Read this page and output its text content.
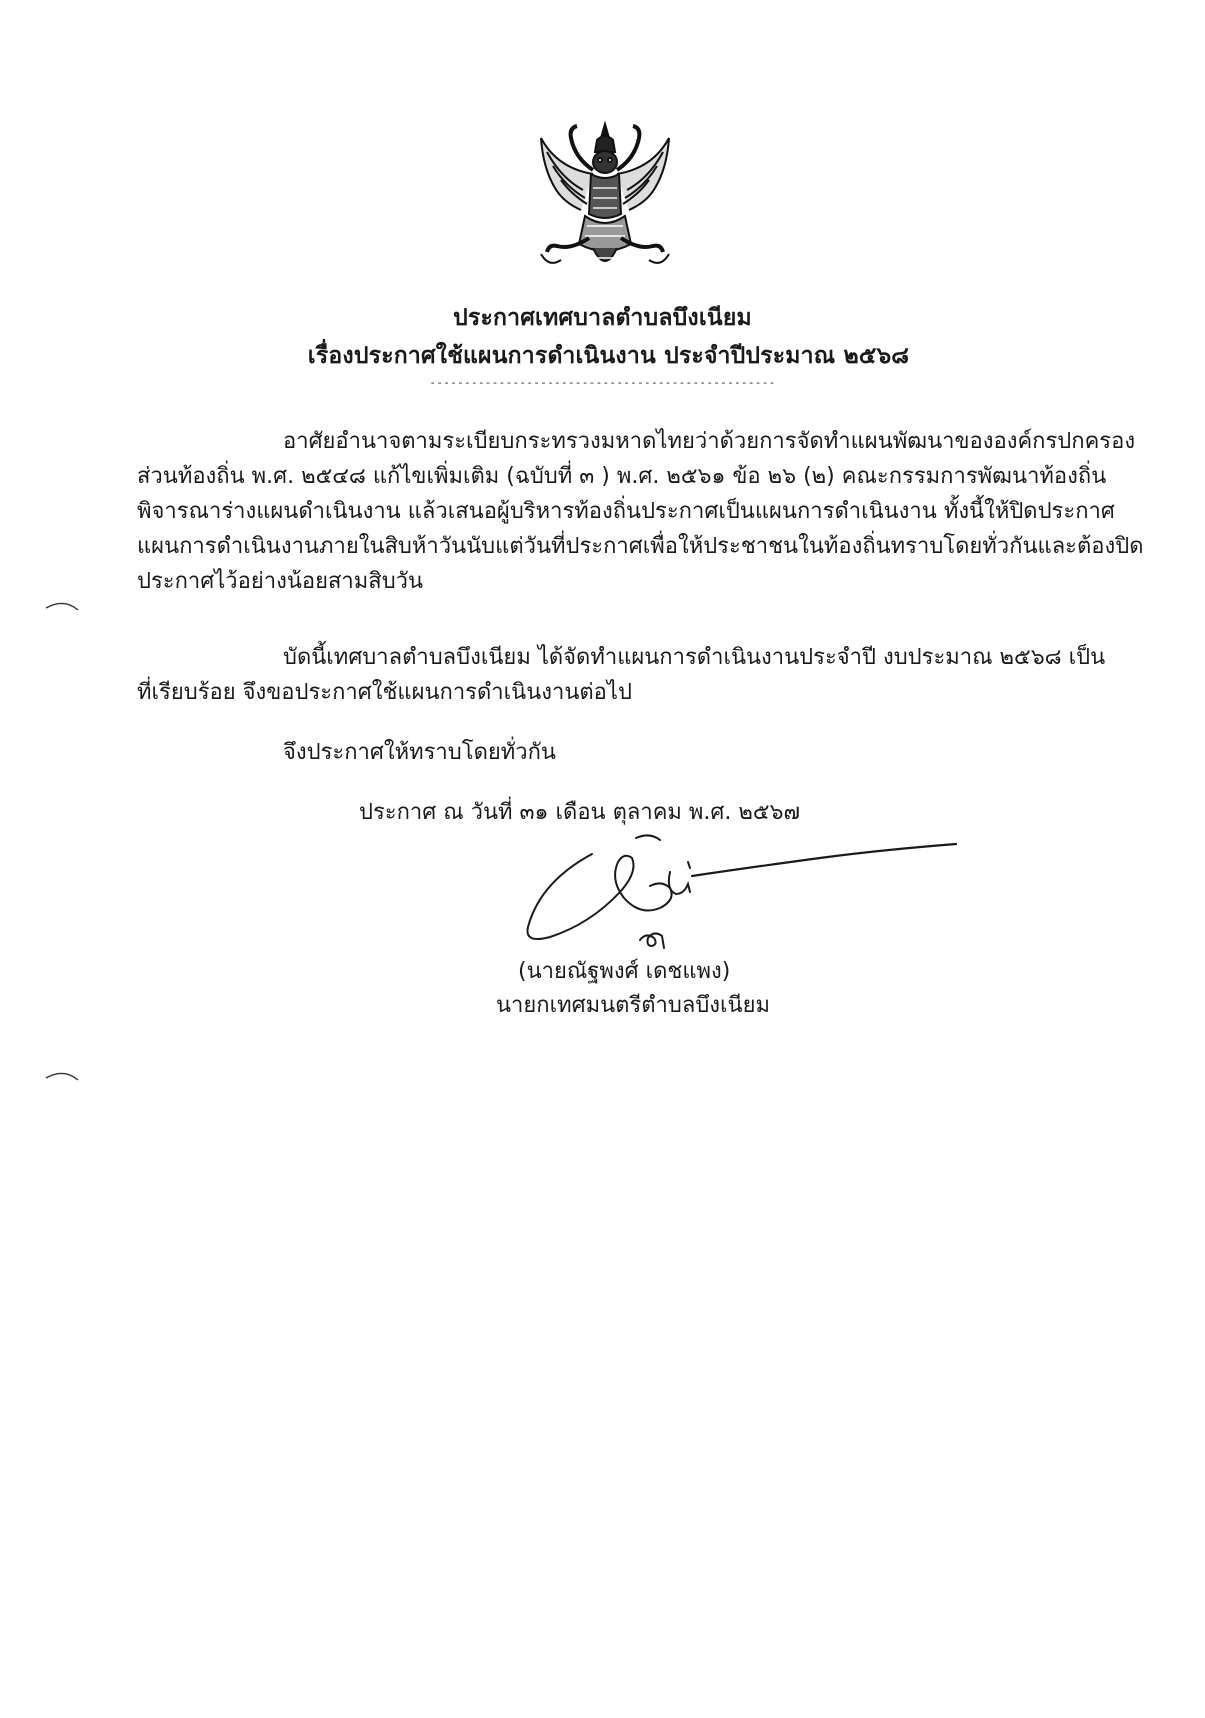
ประกาศเทศบาลตำบลบึงเนียม
เรื่องประกาศใช้แผนการดำเนินงาน ประจำปีประมาณ ๒๕๖๘
--------------------------------------------------
อาศัยอำนาจตามระเบียบกระทรวงมหาดไทยว่าด้วยการจัดทำแผนพัฒนาขององค์กรปกครอง
ส่วนท้องถิ่น พ.ศ. ๒๕๔๘ แก้ไขเพิ่มเติม (ฉบับที่ ๓ ) พ.ศ. ๒๕๖๑ ข้อ ๒๖ (๒) คณะกรรมการพัฒนาท้องถิ่น
พิจารณาร่างแผนดำเนินงาน แล้วเสนอผู้บริหารท้องถิ่นประกาศเป็นแผนการดำเนินงาน ทั้งนี้ให้ปิดประกาศ
แผนการดำเนินงานภายในสิบห้าวันนับแต่วันที่ประกาศเพื่อให้ประชาชนในท้องถิ่นทราบโดยทั่วกันและต้องปิด
ประกาศไว้อย่างน้อยสามสิบวัน
บัดนี้เทศบาลตำบลบึงเนียม ได้จัดทำแผนการดำเนินงานประจำปี งบประมาณ ๒๕๖๘ เป็น
ที่เรียบร้อย จึงขอประกาศใช้แผนการดำเนินงานต่อไป
จึงประกาศให้ทราบโดยทั่วกัน
ประกาศ ณ วันที่ ๓๑ เดือน ตุลาคม พ.ศ. ๒๕๖๗
(นายณัฐพงศ์ เดชแพง)
นายกเทศมนตรีตำบลบึงเนียม
